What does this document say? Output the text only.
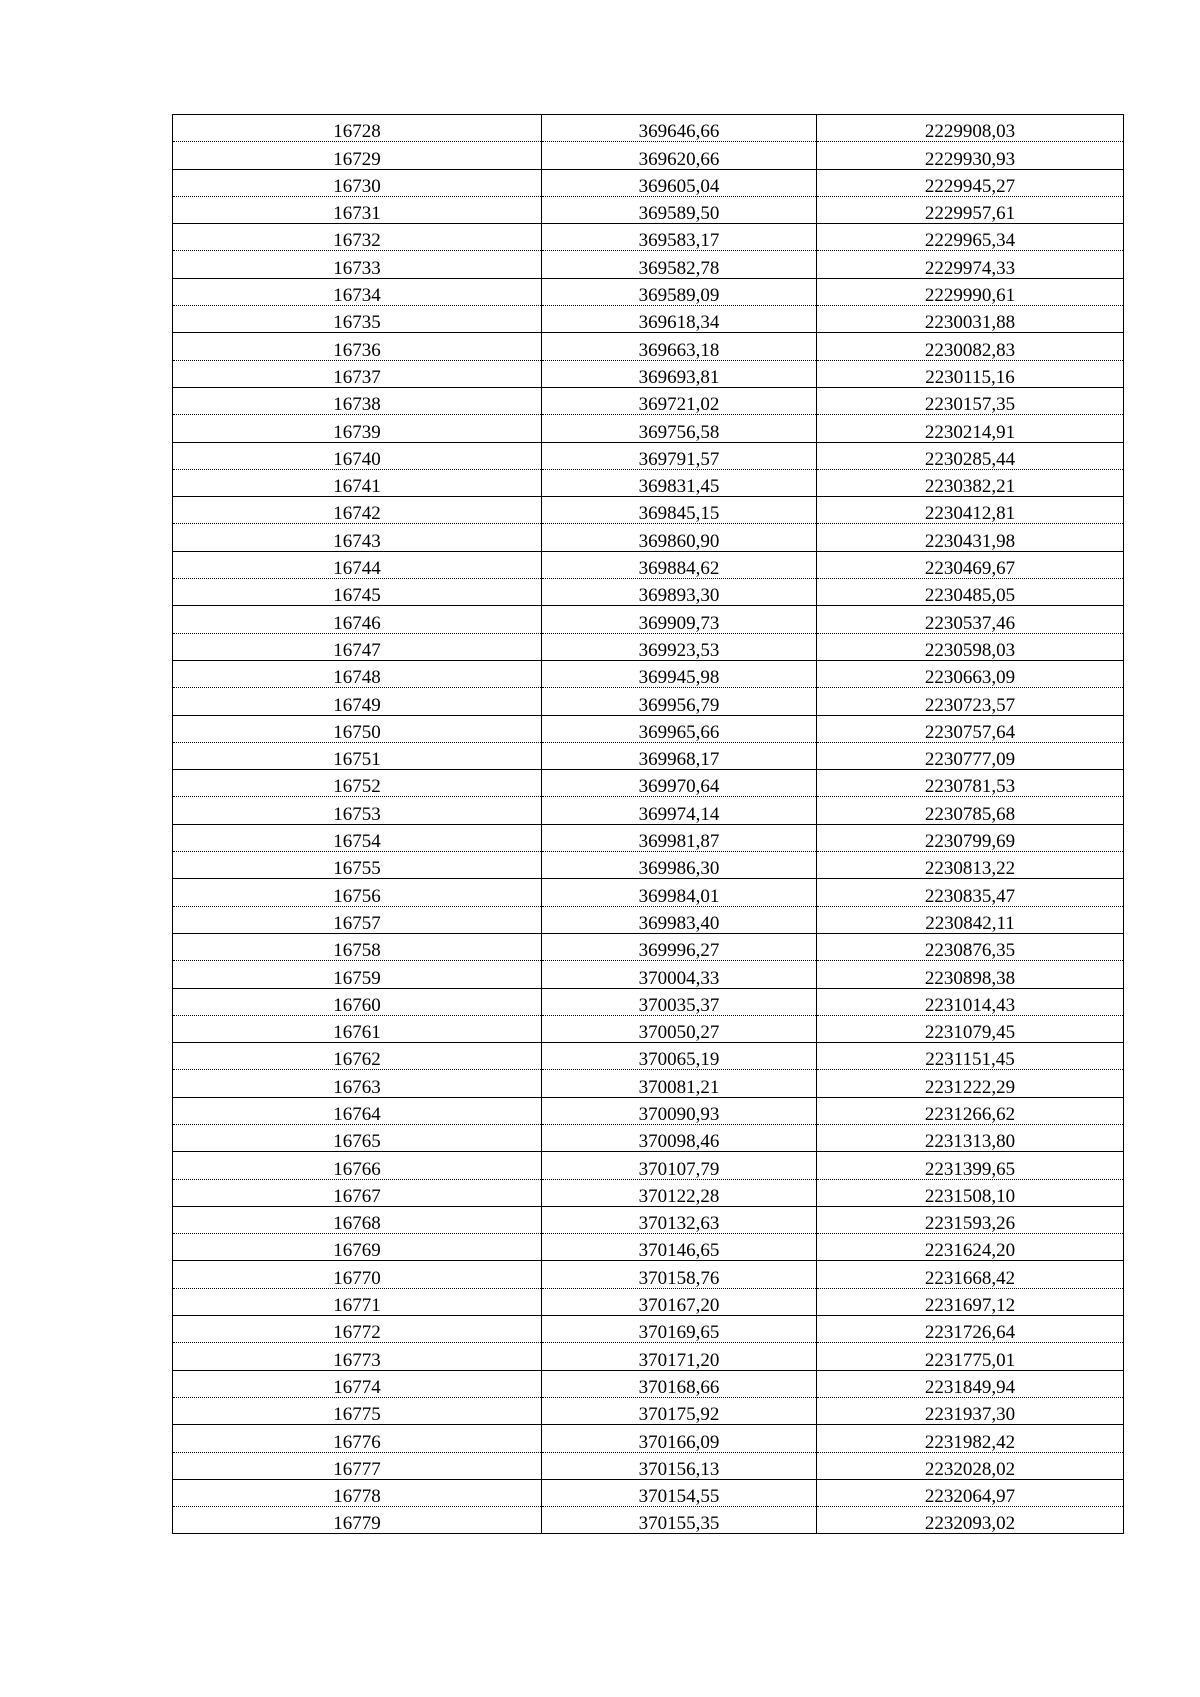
16728	369646,66	2229908,03
16729	369620,66	2229930,93
16730	369605,04	2229945,27
16731	369589,50	2229957,61
16732	369583,17	2229965,34
16733	369582,78	2229974,33
16734	369589,09	2229990,61
16735	369618,34	2230031,88
16736	369663,18	2230082,83
16737	369693,81	2230115,16
16738	369721,02	2230157,35
16739	369756,58	2230214,91
16740	369791,57	2230285,44
16741	369831,45	2230382,21
16742	369845,15	2230412,81
16743	369860,90	2230431,98
16744	369884,62	2230469,67
16745	369893,30	2230485,05
16746	369909,73	2230537,46
16747	369923,53	2230598,03
16748	369945,98	2230663,09
16749	369956,79	2230723,57
16750	369965,66	2230757,64
16751	369968,17	2230777,09
16752	369970,64	2230781,53
16753	369974,14	2230785,68
16754	369981,87	2230799,69
16755	369986,30	2230813,22
16756	369984,01	2230835,47
16757	369983,40	2230842,11
16758	369996,27	2230876,35
16759	370004,33	2230898,38
16760	370035,37	2231014,43
16761	370050,27	2231079,45
16762	370065,19	2231151,45
16763	370081,21	2231222,29
16764	370090,93	2231266,62
16765	370098,46	2231313,80
16766	370107,79	2231399,65
16767	370122,28	2231508,10
16768	370132,63	2231593,26
16769	370146,65	2231624,20
16770	370158,76	2231668,42
16771	370167,20	2231697,12
16772	370169,65	2231726,64
16773	370171,20	2231775,01
16774	370168,66	2231849,94
16775	370175,92	2231937,30
16776	370166,09	2231982,42
16777	370156,13	2232028,02
16778	370154,55	2232064,97
16779	370155,35	2232093,02
